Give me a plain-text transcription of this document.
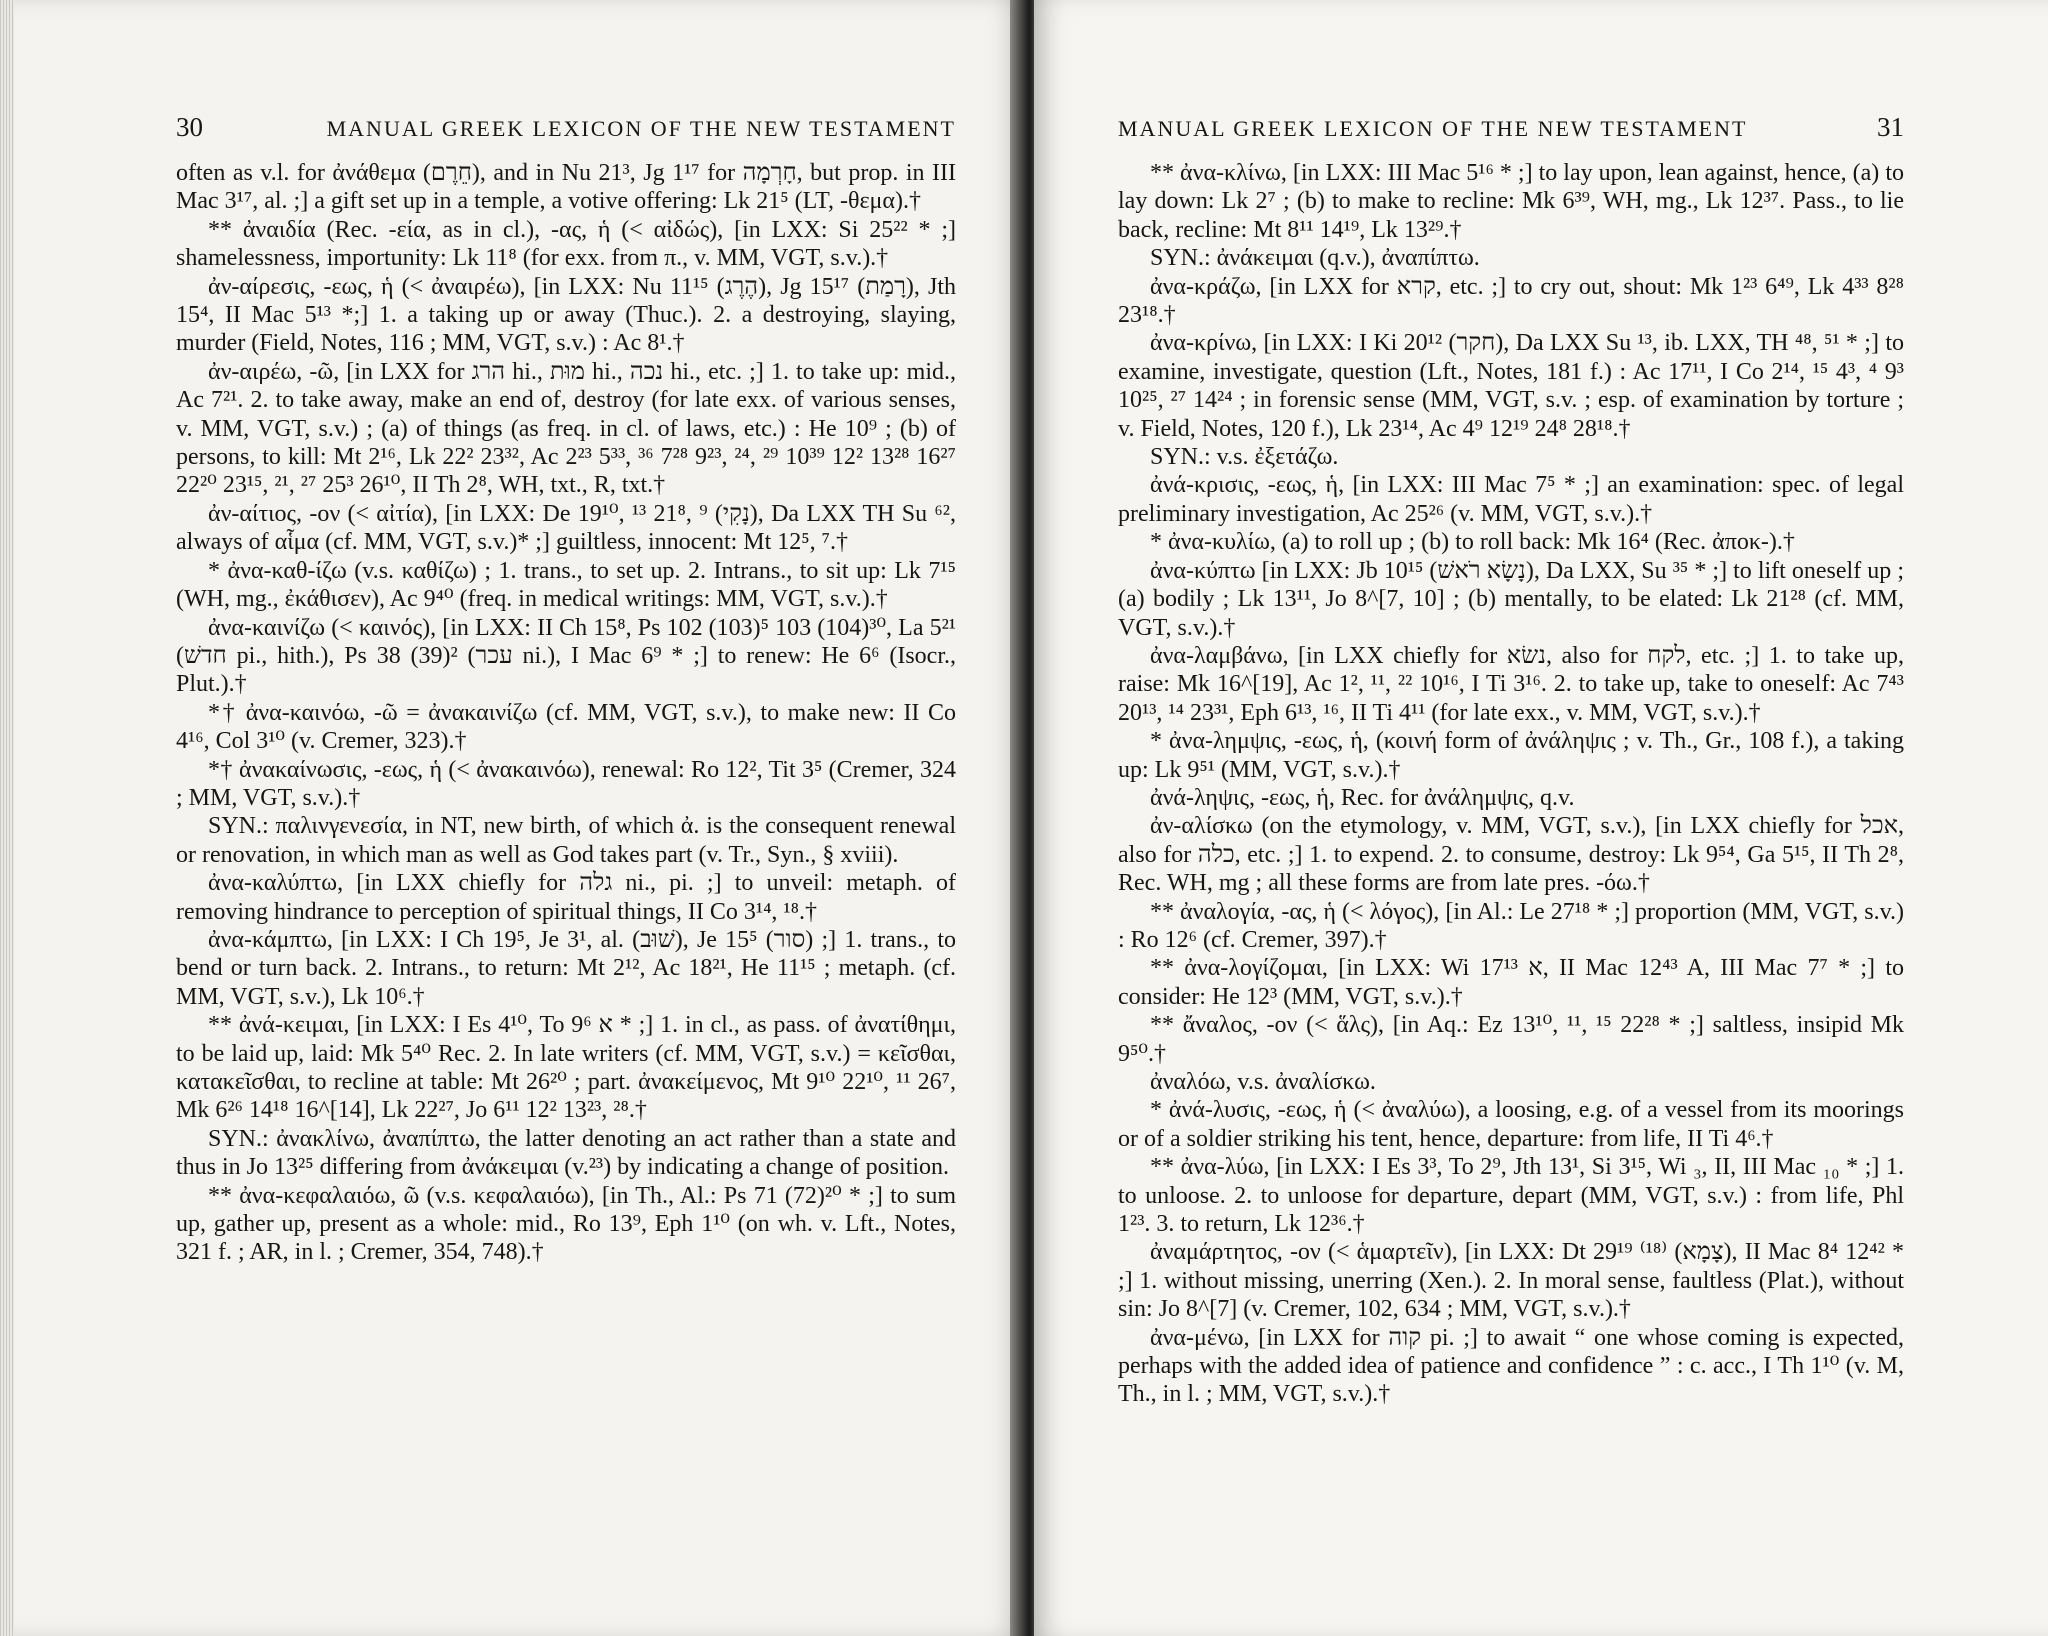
30	MANUAL GREEK LEXICON OF THE NEW TESTAMENT

often as v.l. for ἀνάθεμα (חֵרֶם), and in Nu 21³, Jg 1¹⁷ for חָרְמָה, but prop. in III Mac 3¹⁷, al. ;] a gift set up in a temple, a votive offering: Lk 21⁵ (LT, -θεμα).†

** ἀναιδία (Rec. -εία, as in cl.), -ας, ἡ (< αἰδώς), [in LXX: Si 25²² * ;] shamelessness, importunity: Lk 11⁸ (for exx. from π., v. MM, VGT, s.v.).†

ἀν-αίρεσις, -εως, ἡ (< ἀναιρέω), [in LXX: Nu 11¹⁵ (הֶרֶג), Jg 15¹⁷ (רָמַת), Jth 15⁴, II Mac 5¹³ *;] 1. a taking up or away (Thuc.). 2. a destroying, slaying, murder (Field, Notes, 116 ; MM, VGT, s.v.) : Ac 8¹.†

ἀν-αιρέω, -ῶ, [in LXX for הרג hi., מוּת hi., נכה hi., etc. ;] 1. to take up: mid., Ac 7²¹. 2. to take away, make an end of, destroy (for late exx. of various senses, v. MM, VGT, s.v.) ; (a) of things (as freq. in cl. of laws, etc.) : He 10⁹ ; (b) of persons, to kill: Mt 2¹⁶, Lk 22² 23³², Ac 2²³ 5³³, ³⁶ 7²⁸ 9²³, ²⁴, ²⁹ 10³⁹ 12² 13²⁸ 16²⁷ 22²⁰ 23¹⁵, ²¹, ²⁷ 25³ 26¹⁰, II Th 2⁸, WH, txt., R, txt.†

ἀν-αίτιος, -ον (< αἰτία), [in LXX: De 19¹⁰, ¹³ 21⁸, ⁹ (נָקִי), Da LXX TH Su ⁶², always of αἷμα (cf. MM, VGT, s.v.)* ;] guiltless, innocent: Mt 12⁵, ⁷.†

* ἀνα-καθ-ίζω (v.s. καθίζω) ; 1. trans., to set up. 2. Intrans., to sit up: Lk 7¹⁵ (WH, mg., ἐκάθισεν), Ac 9⁴⁰ (freq. in medical writings: MM, VGT, s.v.).†

ἀνα-καινίζω (< καινός), [in LXX: II Ch 15⁸, Ps 102 (103)⁵ 103 (104)³⁰, La 5²¹ (חדשׁ pi., hith.), Ps 38 (39)² (עכר ni.), I Mac 6⁹ * ;] to renew: He 6⁶ (Isocr., Plut.).†

*† ἀνα-καινόω, -ῶ = ἀνακαινίζω (cf. MM, VGT, s.v.), to make new: II Co 4¹⁶, Col 3¹⁰ (v. Cremer, 323).†

*† ἀνακαίνωσις, -εως, ἡ (< ἀνακαινόω), renewal: Ro 12², Tit 3⁵ (Cremer, 324 ; MM, VGT, s.v.).†

SYN.: παλινγενεσία, in NT, new birth, of which ἀ. is the consequent renewal or renovation, in which man as well as God takes part (v. Tr., Syn., § xviii).

ἀνα-καλύπτω, [in LXX chiefly for גלה ni., pi. ;] to unveil: metaph. of removing hindrance to perception of spiritual things, II Co 3¹⁴, ¹⁸.†

ἀνα-κάμπτω, [in LXX: I Ch 19⁵, Je 3¹, al. (שׁוּב), Je 15⁵ (סור) ;] 1. trans., to bend or turn back. 2. Intrans., to return: Mt 2¹², Ac 18²¹, He 11¹⁵ ; metaph. (cf. MM, VGT, s.v.), Lk 10⁶.†

** ἀνά-κειμαι, [in LXX: I Es 4¹⁰, To 9⁶ א * ;] 1. in cl., as pass. of ἀνατίθημι, to be laid up, laid: Mk 5⁴⁰ Rec. 2. In late writers (cf. MM, VGT, s.v.) = κεῖσθαι, κατακεῖσθαι, to recline at table: Mt 26²⁰ ; part. ἀνακείμενος, Mt 9¹⁰ 22¹⁰, ¹¹ 26⁷, Mk 6²⁶ 14¹⁸ 16^[14], Lk 22²⁷, Jo 6¹¹ 12² 13²³, ²⁸.†

SYN.: ἀνακλίνω, ἀναπίπτω, the latter denoting an act rather than a state and thus in Jo 13²⁵ differing from ἀνάκειμαι (v.²³) by indicating a change of position.

** ἀνα-κεφαλαιόω, ῶ (v.s. κεφαλαιόω), [in Th., Al.: Ps 71 (72)²⁰ * ;] to sum up, gather up, present as a whole: mid., Ro 13⁹, Eph 1¹⁰ (on wh. v. Lft., Notes, 321 f. ; AR, in l. ; Cremer, 354, 748).†

MANUAL GREEK LEXICON OF THE NEW TESTAMENT	31

** ἀνα-κλίνω, [in LXX: III Mac 5¹⁶ * ;] to lay upon, lean against, hence, (a) to lay down: Lk 2⁷ ; (b) to make to recline: Mk 6³⁹, WH, mg., Lk 12³⁷. Pass., to lie back, recline: Mt 8¹¹ 14¹⁹, Lk 13²⁹.†

SYN.: ἀνάκειμαι (q.v.), ἀναπίπτω.

ἀνα-κράζω, [in LXX for קרא, etc. ;] to cry out, shout: Mk 1²³ 6⁴⁹, Lk 4³³ 8²⁸ 23¹⁸.†

ἀνα-κρίνω, [in LXX: I Ki 20¹² (חקר), Da LXX Su ¹³, ib. LXX, TH ⁴⁸, ⁵¹ * ;] to examine, investigate, question (Lft., Notes, 181 f.) : Ac 17¹¹, I Co 2¹⁴, ¹⁵ 4³, ⁴ 9³ 10²⁵, ²⁷ 14²⁴ ; in forensic sense (MM, VGT, s.v. ; esp. of examination by torture ; v. Field, Notes, 120 f.), Lk 23¹⁴, Ac 4⁹ 12¹⁹ 24⁸ 28¹⁸.†

SYN.: v.s. ἐξετάζω.

ἀνά-κρισις, -εως, ἡ, [in LXX: III Mac 7⁵ * ;] an examination: spec. of legal preliminary investigation, Ac 25²⁶ (v. MM, VGT, s.v.).†

* ἀνα-κυλίω, (a) to roll up ; (b) to roll back: Mk 16⁴ (Rec. ἀποκ-).†

ἀνα-κύπτω [in LXX: Jb 10¹⁵ (נָשָׂא רֹאשׁ), Da LXX, Su ³⁵ * ;] to lift oneself up ; (a) bodily ; Lk 13¹¹, Jo 8^[7, 10] ; (b) mentally, to be elated: Lk 21²⁸ (cf. MM, VGT, s.v.).†

ἀνα-λαμβάνω, [in LXX chiefly for נשׂא, also for לקח, etc. ;] 1. to take up, raise: Mk 16^[19], Ac 1², ¹¹, ²² 10¹⁶, I Ti 3¹⁶. 2. to take up, take to oneself: Ac 7⁴³ 20¹³, ¹⁴ 23³¹, Eph 6¹³, ¹⁶, II Ti 4¹¹ (for late exx., v. MM, VGT, s.v.).†

* ἀνα-λημψις, -εως, ἡ, (κοινή form of ἀνάληψις ; v. Th., Gr., 108 f.), a taking up: Lk 9⁵¹ (MM, VGT, s.v.).†

ἀνά-ληψις, -εως, ἡ, Rec. for ἀνάλημψις, q.v.

ἀν-αλίσκω (on the etymology, v. MM, VGT, s.v.), [in LXX chiefly for אכל, also for כלה, etc. ;] 1. to expend. 2. to consume, destroy: Lk 9⁵⁴, Ga 5¹⁵, II Th 2⁸, Rec. WH, mg ; all these forms are from late pres. -όω.†

** ἀναλογία, -ας, ἡ (< λόγος), [in Al.: Le 27¹⁸ * ;] proportion (MM, VGT, s.v.) : Ro 12⁶ (cf. Cremer, 397).†

** ἀνα-λογίζομαι, [in LXX: Wi 17¹³ א, II Mac 12⁴³ A, III Mac 7⁷ * ;] to consider: He 12³ (MM, VGT, s.v.).†

** ἄναλος, -ον (< ἅλς), [in Aq.: Ez 13¹⁰, ¹¹, ¹⁵ 22²⁸ * ;] saltless, insipid Mk 9⁵⁰.†

ἀναλόω, v.s. ἀναλίσκω.

* ἀνά-λυσις, -εως, ἡ (< ἀναλύω), a loosing, e.g. of a vessel from its moorings or of a soldier striking his tent, hence, departure: from life, II Ti 4⁶.†

** ἀνα-λύω, [in LXX: I Es 3³, To 2⁹, Jth 13¹, Si 3¹⁵, Wi ₃, II, III Mac ₁₀ * ;] 1. to unloose. 2. to unloose for departure, depart (MM, VGT, s.v.) : from life, Phl 1²³. 3. to return, Lk 12³⁶.†

ἀναμάρτητος, -ον (< ἁμαρτεῖν), [in LXX: Dt 29¹⁹ ⁽¹⁸⁾ (צָמָא), II Mac 8⁴ 12⁴² * ;] 1. without missing, unerring (Xen.). 2. In moral sense, faultless (Plat.), without sin: Jo 8^[7] (v. Cremer, 102, 634 ; MM, VGT, s.v.).†

ἀνα-μένω, [in LXX for קוה pi. ;] to await “ one whose coming is expected, perhaps with the added idea of patience and confidence ” : c. acc., I Th 1¹⁰ (v. M, Th., in l. ; MM, VGT, s.v.).†
